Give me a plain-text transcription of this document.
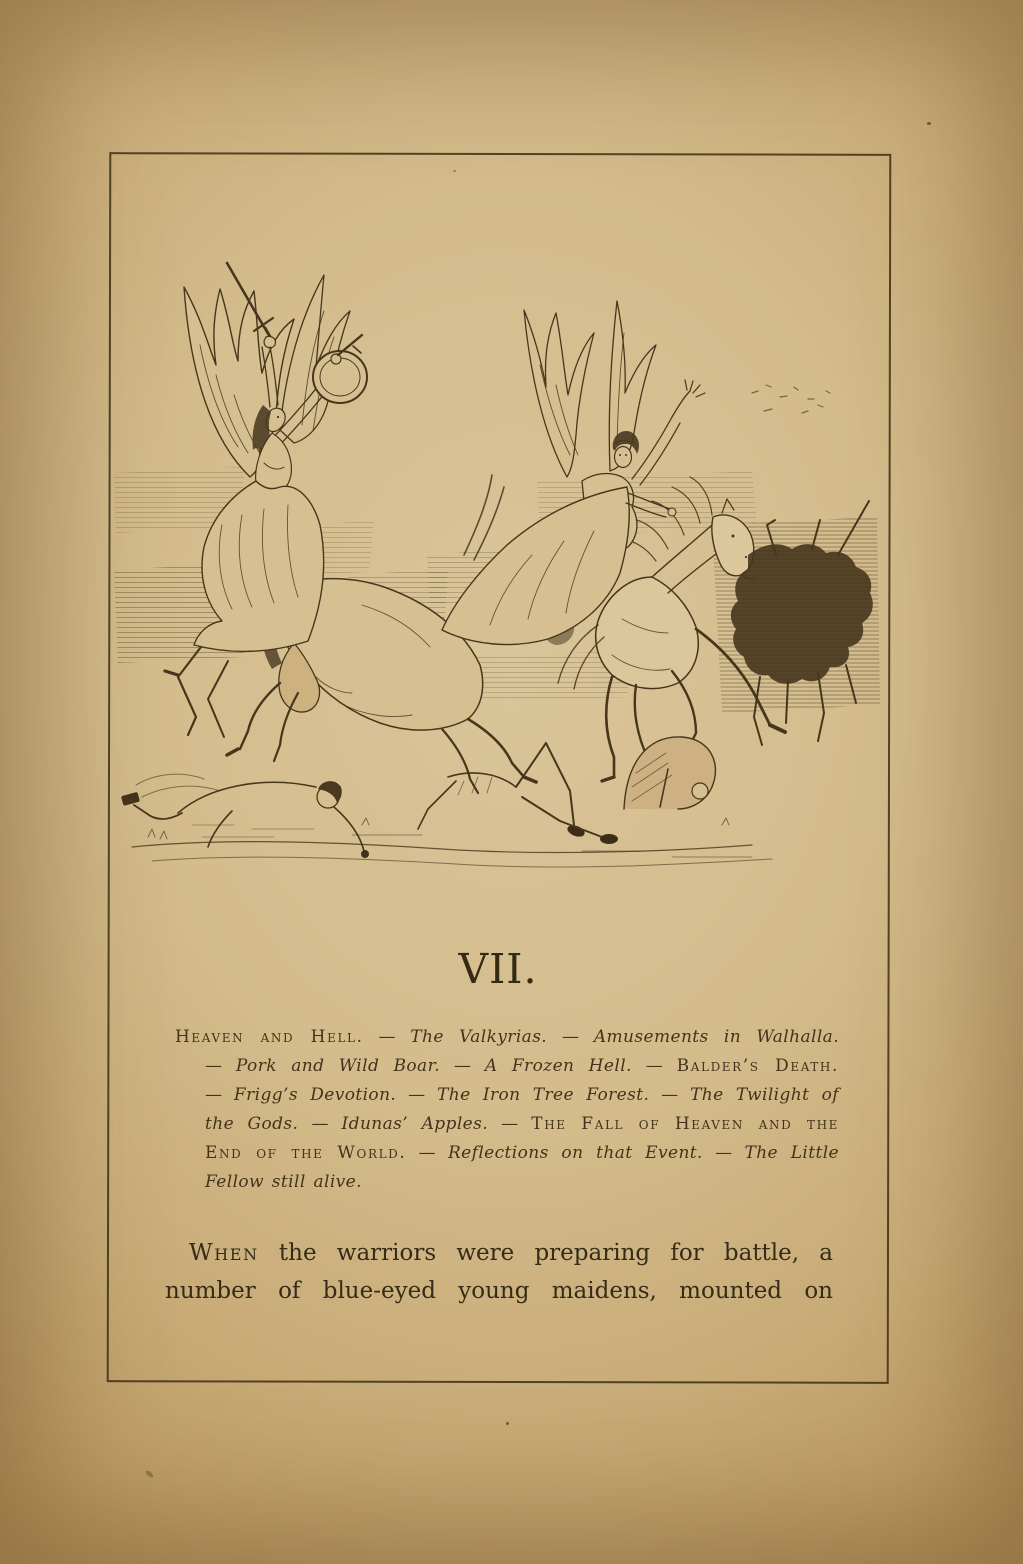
VII.
Heaven and Hell. — The Valkyrias. — Amusements in Walhalla.
— Pork and Wild Boar. — A Frozen Hell. — Balder’s Death.
— Frigg’s Devotion. — The Iron Tree Forest. — The Twilight of
the Gods. — Idunas’ Apples. — The Fall of Heaven and the
End of the World. — Reflections on that Event. — The Little
Fellow still alive.
When the warriors were preparing for battle, a
number of blue-eyed young maidens, mounted on
